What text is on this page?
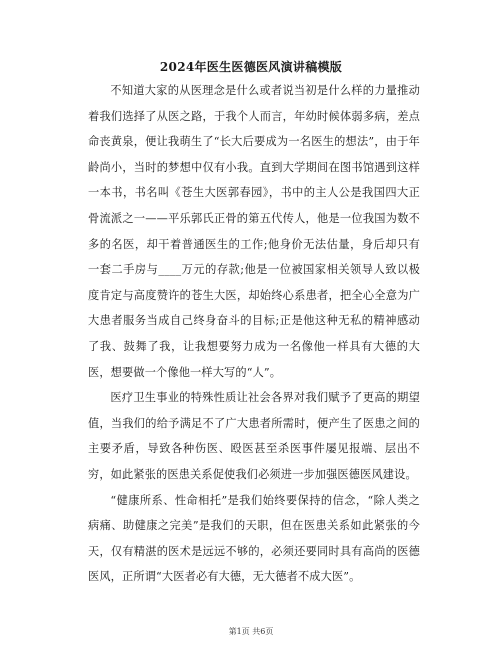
2024年医生医德医风演讲稿模版

不知道大家的从医理念是什么或者说当初是什么样的力量推动着我们选择了从医之路，于我个人而言，年幼时候体弱多病，差点命丧黄泉，便让我萌生了“长大后要成为一名医生的想法”，由于年龄尚小，当时的梦想中仅有小我。直到大学期间在图书馆遇到这样一本书，书名叫《苍生大医郭春园》，书中的主人公是我国四大正骨流派之一——平乐郭氏正骨的第五代传人，他是一位我国为数不多的名医，却干着普通医生的工作;他身价无法估量，身后却只有一套二手房与____万元的存款;他是一位被国家相关领导人致以极度肯定与高度赞许的苍生大医，却始终心系患者，把全心全意为广大患者服务当成自己终身奋斗的目标;正是他这种无私的精神感动了我、鼓舞了我，让我想要努力成为一名像他一样具有大德的大医，想要做一个像他一样大写的“人”。

医疗卫生事业的特殊性质让社会各界对我们赋予了更高的期望值，当我们的给予满足不了广大患者所需时，便产生了医患之间的主要矛盾，导致各种伤医、殴医甚至杀医事件屡见报端、层出不穷，如此紧张的医患关系促使我们必须进一步加强医德医风建设。

“健康所系、性命相托”是我们始终要保持的信念，“除人类之病痛、助健康之完美”是我们的天职，但在医患关系如此紧张的今天，仅有精湛的医术是远远不够的，必须还要同时具有高尚的医德医风，正所谓“大医者必有大德，无大德者不成大医”。

第1页 共6页
